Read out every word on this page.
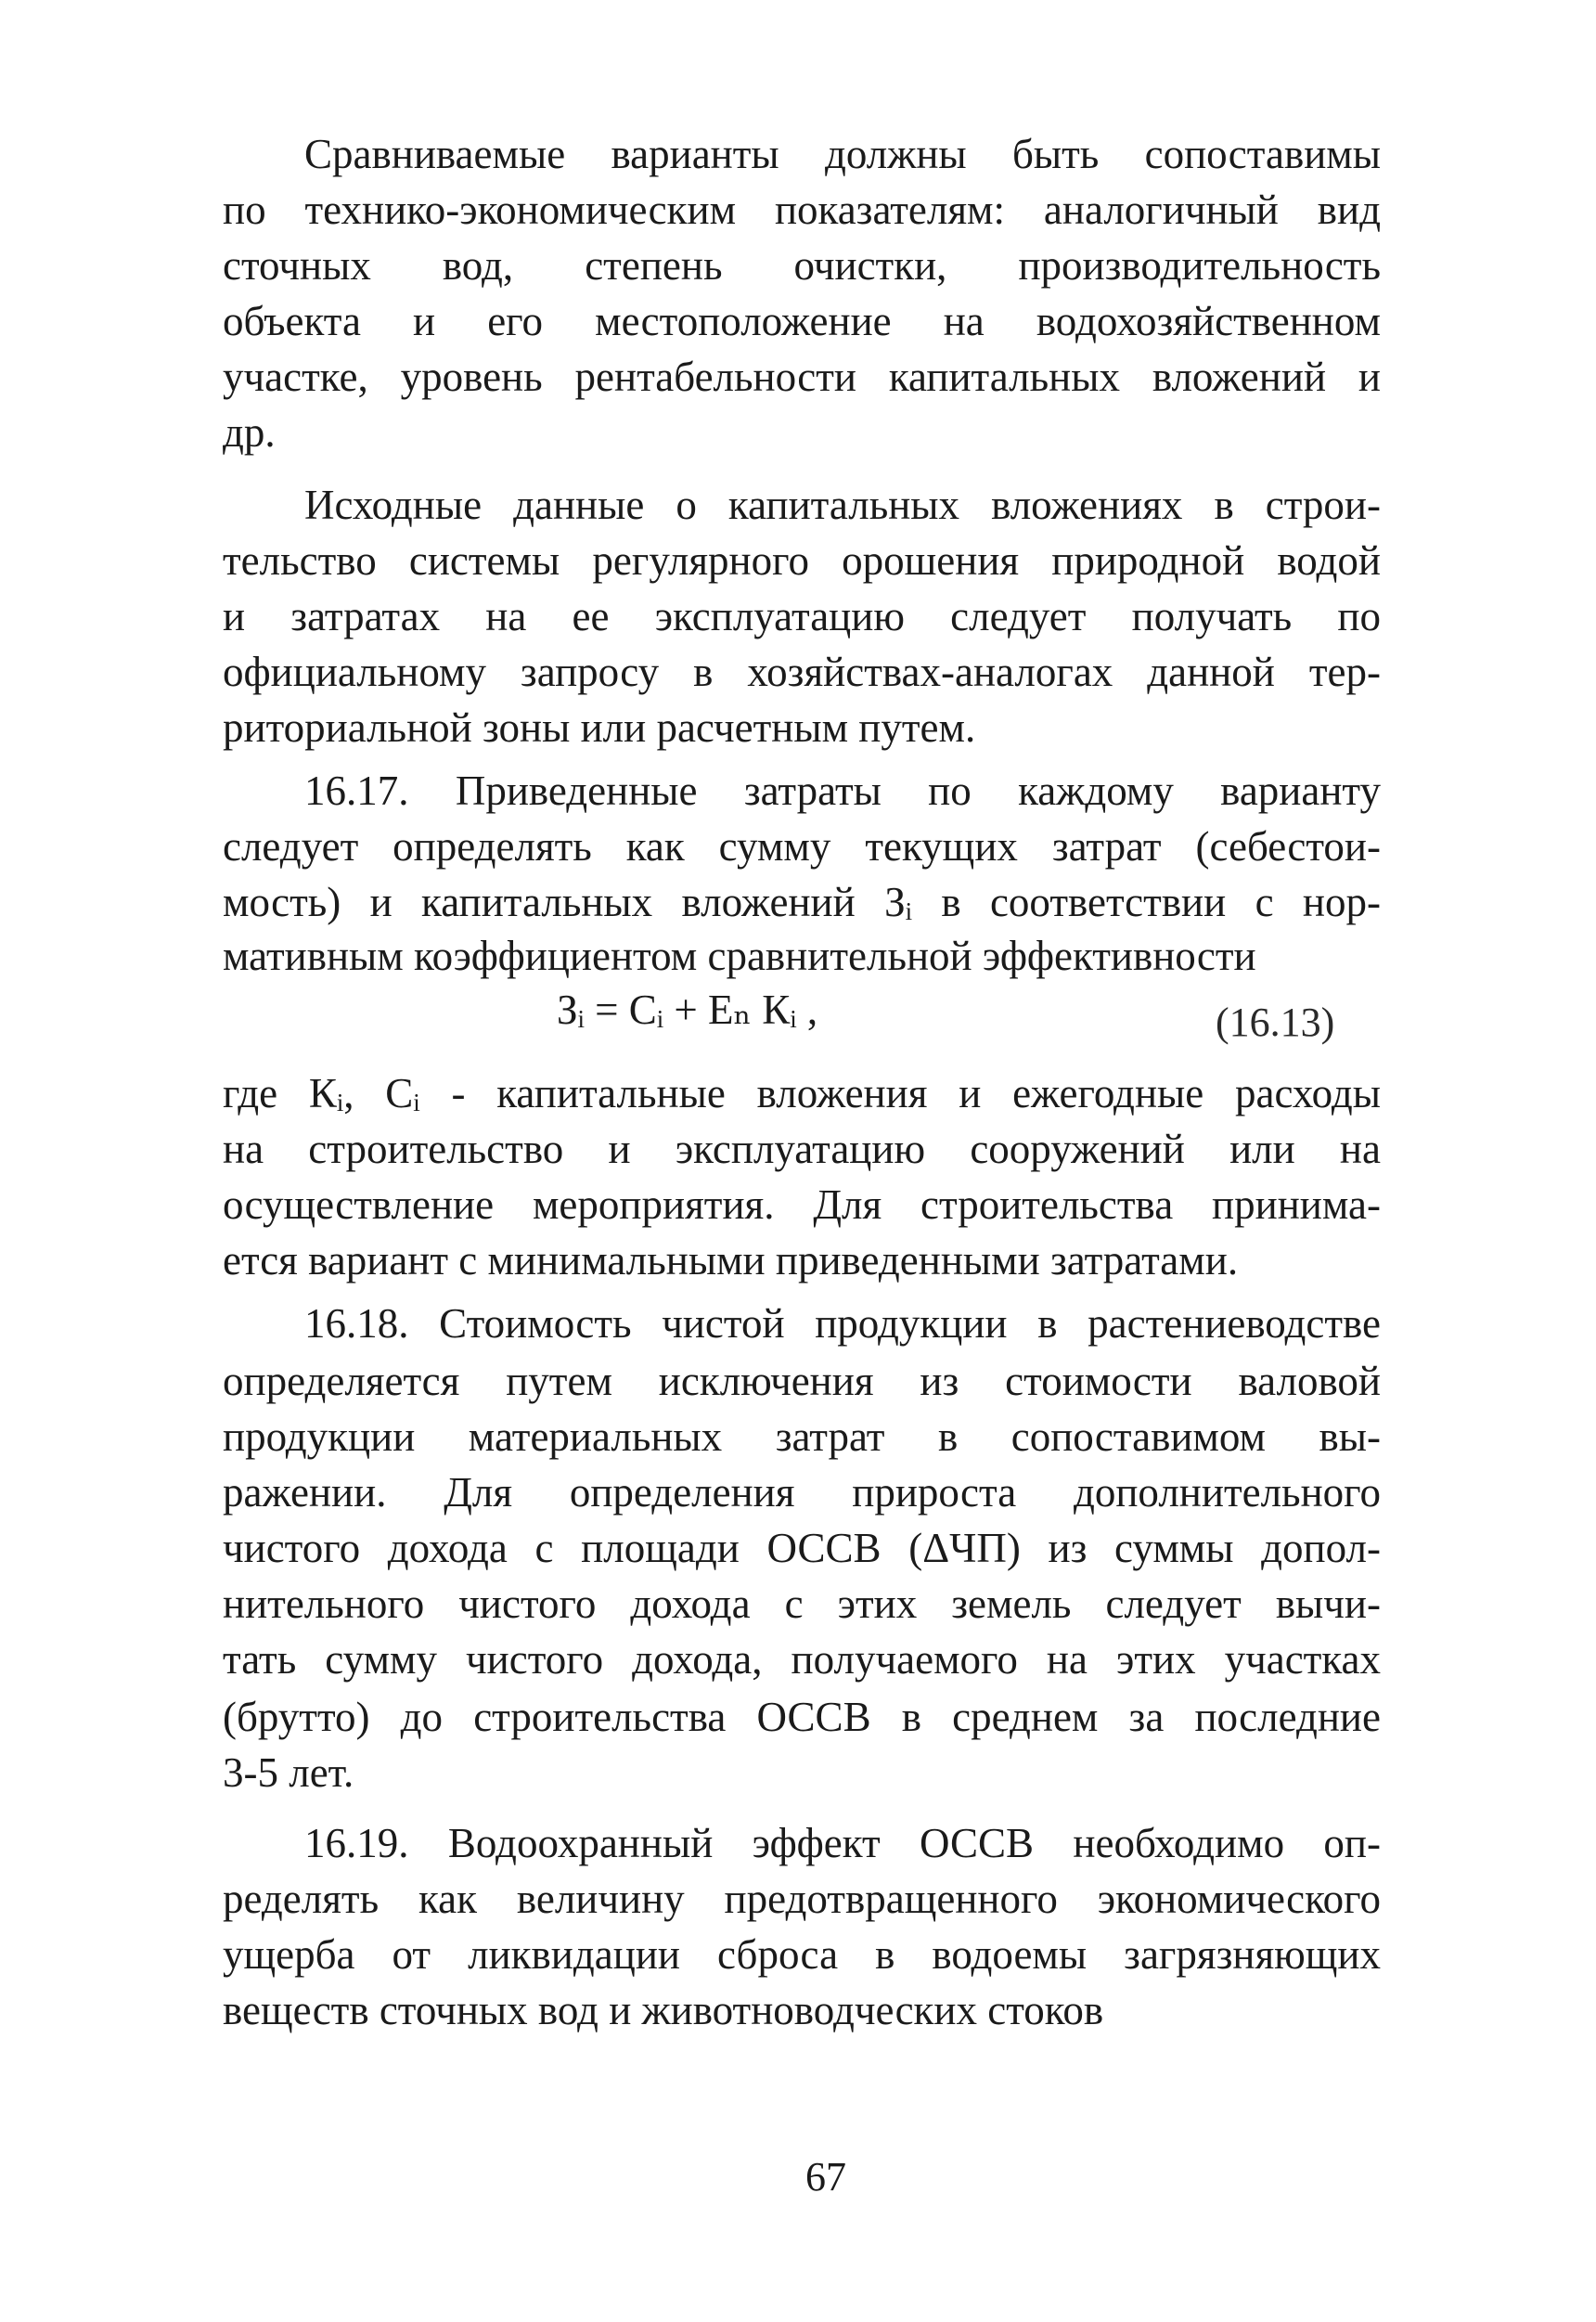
Сравниваемые варианты должны быть сопоставимы
по технико-экономическим показателям: аналогичный вид
сточных вод, степень очистки, производительность
объекта и его местоположение на водохозяйственном
участке, уровень рентабельности капитальных вложений и
др.
Исходные данные о капитальных вложениях в строи-
тельство системы регулярного орошения природной водой
и затратах на ее эксплуатацию следует получать по
официальному запросу в хозяйствах-аналогах данной тер-
риториальной зоны или расчетным путем.
16.17. Приведенные затраты по каждому варианту
следует определять как сумму текущих затрат (себестои-
мость) и капитальных вложений Зᵢ в соответствии с нор-
мативным коэффициентом сравнительной эффективности
Зᵢ = Сᵢ + Еₙ Кᵢ ,	(16.13)
где Кᵢ, Сᵢ - капитальные вложения и ежегодные расходы
на строительство и эксплуатацию сооружений или на
осуществление мероприятия. Для строительства принима-
ется вариант с минимальными приведенными затратами.
16.18. Стоимость чистой продукции в растениеводстве
определяется путем исключения из стоимости валовой
продукции материальных затрат в сопоставимом вы-
ражении. Для определения прироста дополнительного
чистого дохода с площади ОССВ (ΔЧП) из суммы допол-
нительного чистого дохода с этих земель следует вычи-
тать сумму чистого дохода, получаемого на этих участках
(брутто) до строительства ОССВ в среднем за последние
3-5 лет.
16.19. Водоохранный эффект ОССВ необходимо оп-
ределять как величину предотвращенного экономического
ущерба от ликвидации сброса в водоемы загрязняющих
веществ сточных вод и животноводческих стоков
67
